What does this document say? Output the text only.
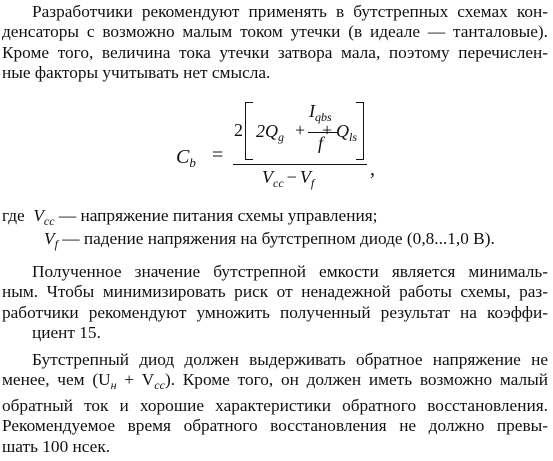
Разработчики рекомендуют применять в бутстрепных схемах кон-
денсаторы с возможно малым током утечки (в идеале — танталовые).
Кроме того, величина тока утечки затвора мала, поэтому перечислен-
ные факторы учитывать нет смысла.

$C_b$ =
2 $2Q_g$ +
$I_{qbs}$
f
+ $Q_{ls}$
$V_{cc} - V_f$
,
где $V_{cc}$ — напряжение питания схемы управления;
$V_f$ — падение напряжения на бутстрепном диоде (0,8...1,0 В).

Полученное значение бутстрепной емкости является минималь-
ным. Чтобы минимизировать риск от ненадежной работы схемы, раз-
работчики рекомендуют умножить полученный результат на коэффи-
циент 15.

Бутстрепный диод должен выдерживать обратное напряжение не
менее, чем $(U_н + V_{cc})$. Кроме того, он должен иметь возможно малый
обратный ток и хорошие характеристики обратного восстановления.
Рекомендуемое время обратного восстановления не должно превы-
шать 100 нсек.
